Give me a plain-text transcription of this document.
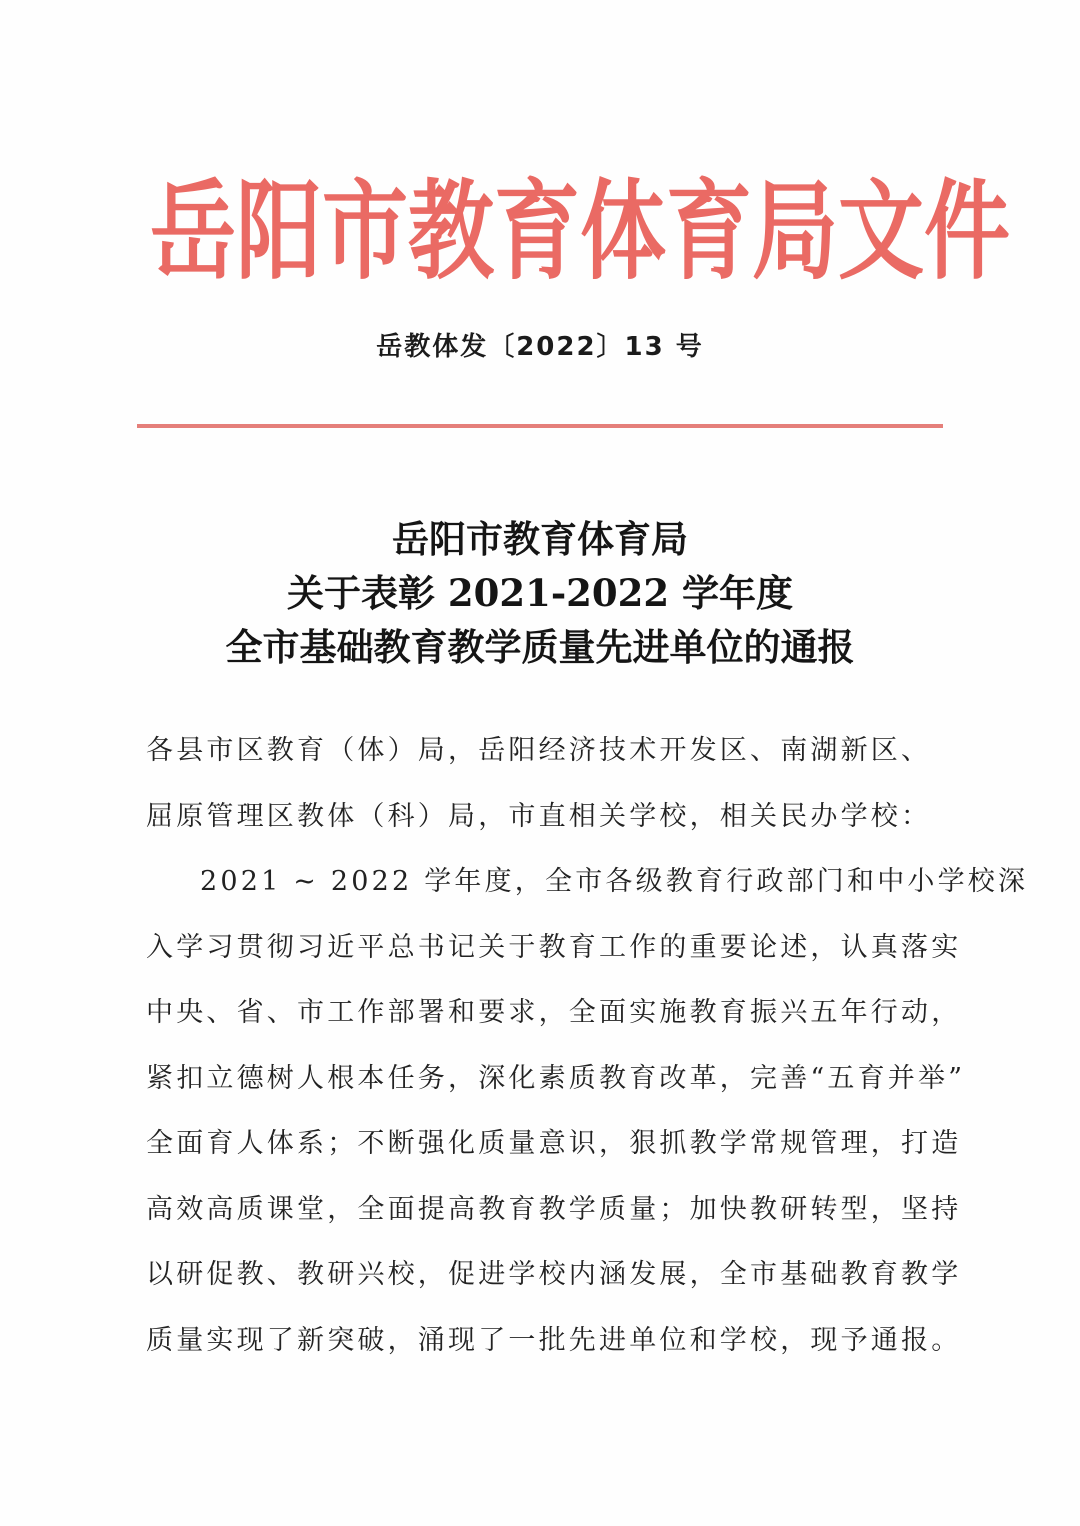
岳 阳 市 教 育 体 育 局 文 件
岳教体发〔2022〕13 号
岳阳市教育体育局
关于表彰 2021-2022 学年度
全市基础教育教学质量先进单位的通报
各县市区教育（体）局，岳阳经济技术开发区、南湖新区、
屈原管理区教体（科）局，市直相关学校，相关民办学校：
2021 ~ 2022 学年度，全市各级教育行政部门和中小学校深
入学习贯彻习近平总书记关于教育工作的重要论述，认真落实
中央、省、市工作部署和要求，全面实施教育振兴五年行动，
紧扣立德树人根本任务，深化素质教育改革，完善“五育并举”
全面育人体系；不断强化质量意识，狠抓教学常规管理，打造
高效高质课堂，全面提高教育教学质量；加快教研转型，坚持
以研促教、教研兴校，促进学校内涵发展，全市基础教育教学
质量实现了新突破，涌现了一批先进单位和学校，现予通报。
